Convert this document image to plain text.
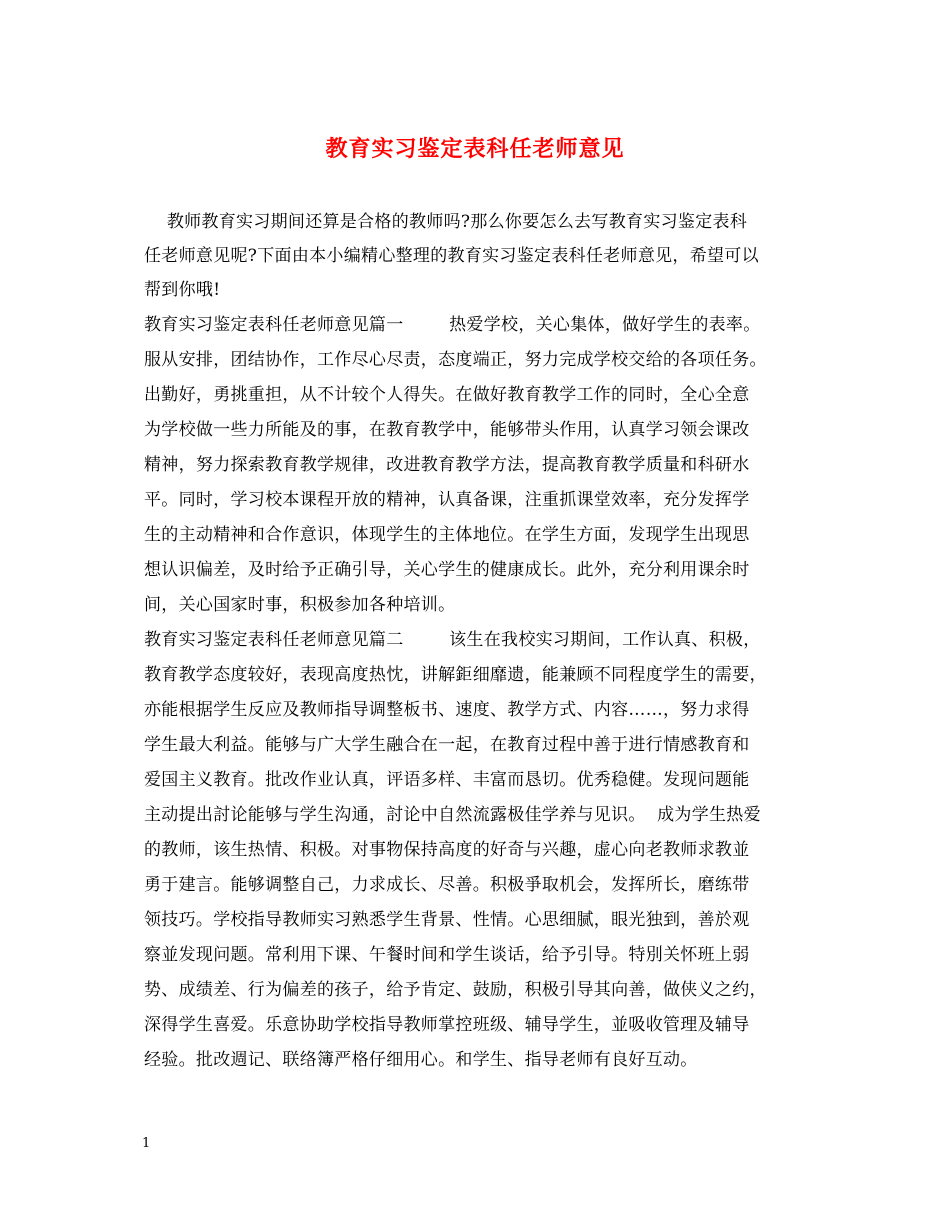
教育实习鉴定表科任老师意见
教师教育实习期间还算是合格的教师吗?那么你要怎么去写教育实习鉴定表科
任老师意见呢?下面由本小编精心整理的教育实习鉴定表科任老师意见，希望可以
帮到你哦!
教育实习鉴定表科任老师意见篇一        热爱学校，关心集体，做好学生的表率。
服从安排，团结协作，工作尽心尽责，态度端正，努力完成学校交给的各项任务。
出勤好，勇挑重担，从不计较个人得失。在做好教育教学工作的同时，全心全意
为学校做一些力所能及的事，在教育教学中，能够带头作用，认真学习领会课改
精神，努力探索教育教学规律，改进教育教学方法，提高教育教学质量和科研水
平。同时，学习校本课程开放的精神，认真备课，注重抓课堂效率，充分发挥学
生的主动精神和合作意识，体现学生的主体地位。在学生方面，发现学生出现思
想认识偏差，及时给予正确引导，关心学生的健康成长。此外，充分利用课余时
间，关心国家时事，积极参加各种培训。
教育实习鉴定表科任老师意见篇二        该生在我校实习期间，工作认真、积极，
教育教学态度较好，表现高度热忱，讲解鉅细靡遗，能兼顾不同程度学生的需要，
亦能根据学生反应及教师指导调整板书、速度、教学方式、内容……，努力求得
学生最大利益。能够与广大学生融合在一起，在教育过程中善于进行情感教育和
爱国主义教育。批改作业认真，评语多样、丰富而恳切。优秀稳健。发现问题能
主动提出討论能够与学生沟通，討论中自然流露极佳学养与见识。  成为学生热爱
的教师，该生热情、积极。对事物保持高度的好奇与兴趣，虚心向老教师求教並
勇于建言。能够调整自己，力求成长、尽善。积极爭取机会，发挥所长，磨练带
领技巧。学校指导教师实习熟悉学生背景、性情。心思细腻，眼光独到，善於观
察並发现问题。常利用下课、午餐时间和学生谈话，给予引导。特別关怀班上弱
势、成绩差、行为偏差的孩子，给予肯定、鼓励，积极引导其向善，做侠义之约，
深得学生喜爱。乐意协助学校指导教师掌控班级、辅导学生，並吸收管理及辅导
经验。批改週记、联络簿严格仔细用心。和学生、指导老师有良好互动。
1
